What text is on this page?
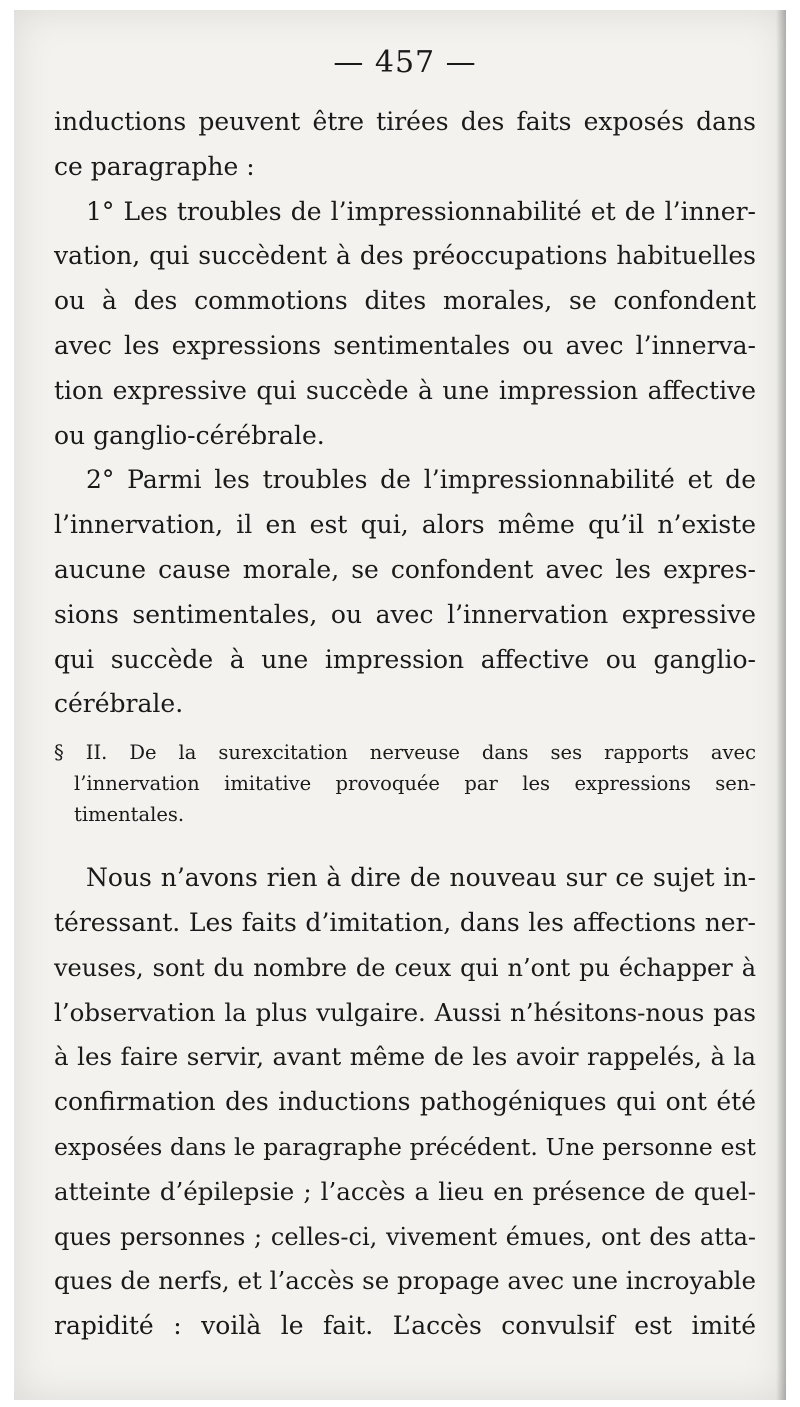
— 457 —

inductions peuvent être tirées des faits exposés dans
ce paragraphe :

1° Les troubles de l’impressionnabilité et de l’inner-
vation, qui succèdent à des préoccupations habituelles
ou à des commotions dites morales, se confondent
avec les expressions sentimentales ou avec l’innerva-
tion expressive qui succède à une impression affective
ou ganglio-cérébrale.

2° Parmi les troubles de l’impressionnabilité et de
l’innervation, il en est qui, alors même qu’il n’existe
aucune cause morale, se confondent avec les expres-
sions sentimentales, ou avec l’innervation expressive
qui succède à une impression affective ou ganglio-
cérébrale.

§ II. De la surexcitation nerveuse dans ses rapports avec
l’innervation imitative provoquée par les expressions sen-
timentales.

Nous n’avons rien à dire de nouveau sur ce sujet in-
téressant. Les faits d’imitation, dans les affections ner-
veuses, sont du nombre de ceux qui n’ont pu échapper à
l’observation la plus vulgaire. Aussi n’hésitons-nous pas
à les faire servir, avant même de les avoir rappelés, à la
confirmation des inductions pathogéniques qui ont été
exposées dans le paragraphe précédent. Une personne est
atteinte d’épilepsie ; l’accès a lieu en présence de quel-
ques personnes ; celles-ci, vivement émues, ont des atta-
ques de nerfs, et l’accès se propage avec une incroyable
rapidité : voilà le fait. L’accès convulsif est imité
